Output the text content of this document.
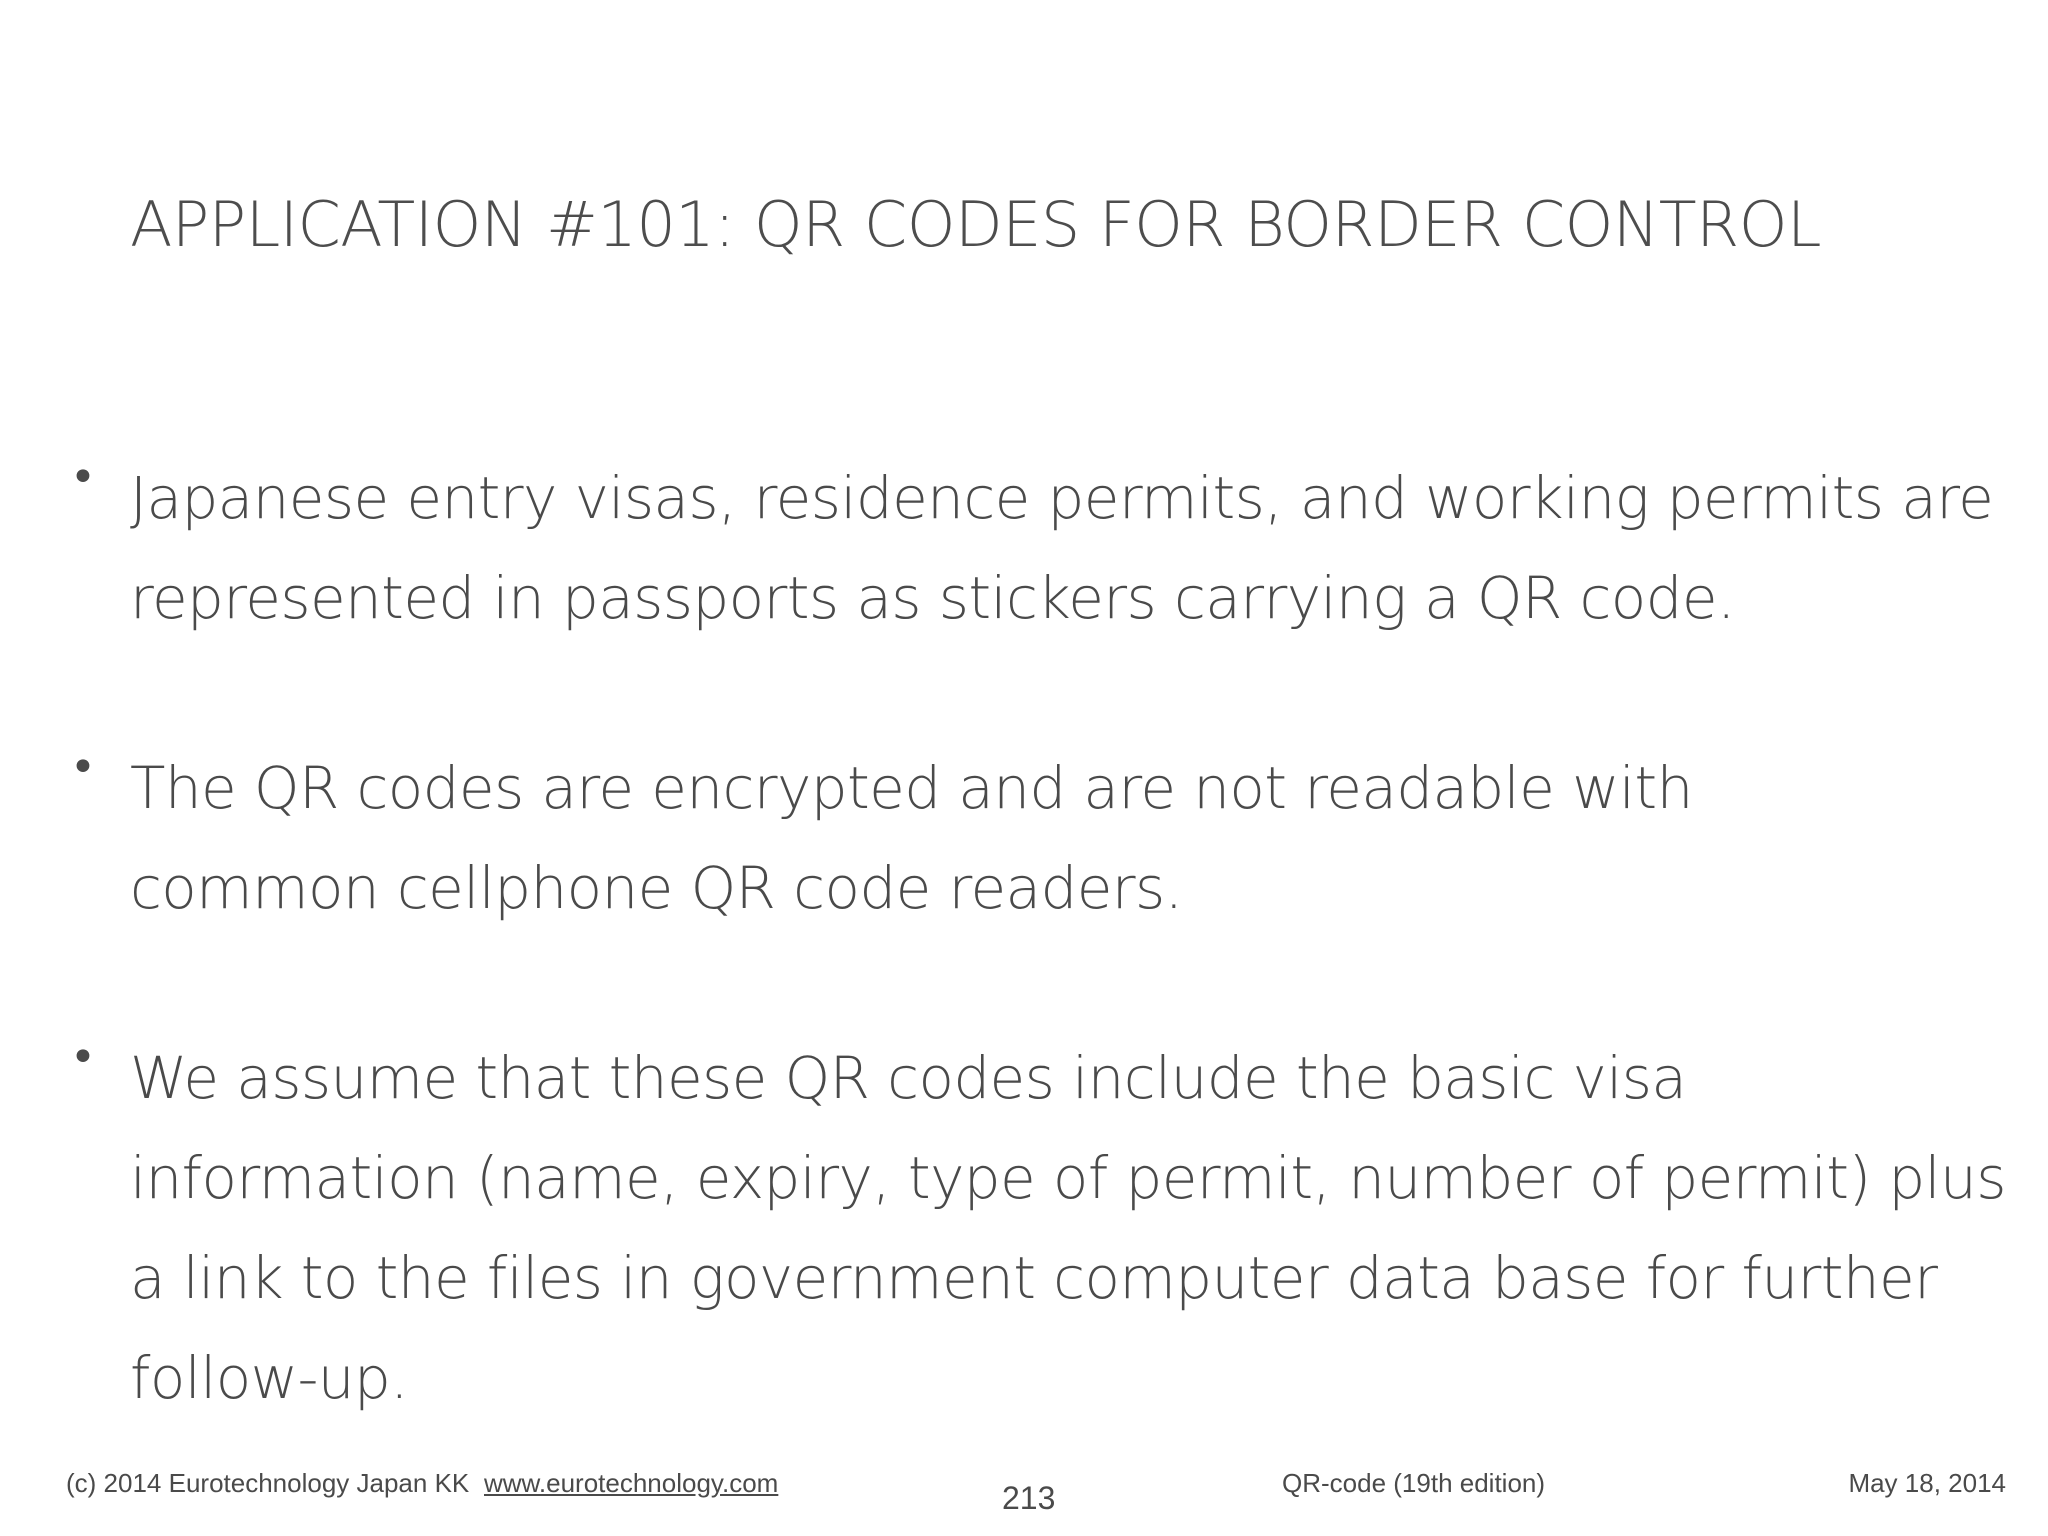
APPLICATION #101: QR CODES FOR BORDER CONTROL
• Japanese entry visas, residence permits, and working permits are
represented in passports as stickers carrying a QR code.
• The QR codes are encrypted and are not readable with
common cellphone QR code readers.
• We assume that these QR codes include the basic visa
information (name, expiry, type of permit, number of permit) plus
a link to the files in government computer data base for further
follow-up.
(c) 2014 Eurotechnology Japan KK www.eurotechnology.com	213	QR-code (19th edition)	May 18, 2014
